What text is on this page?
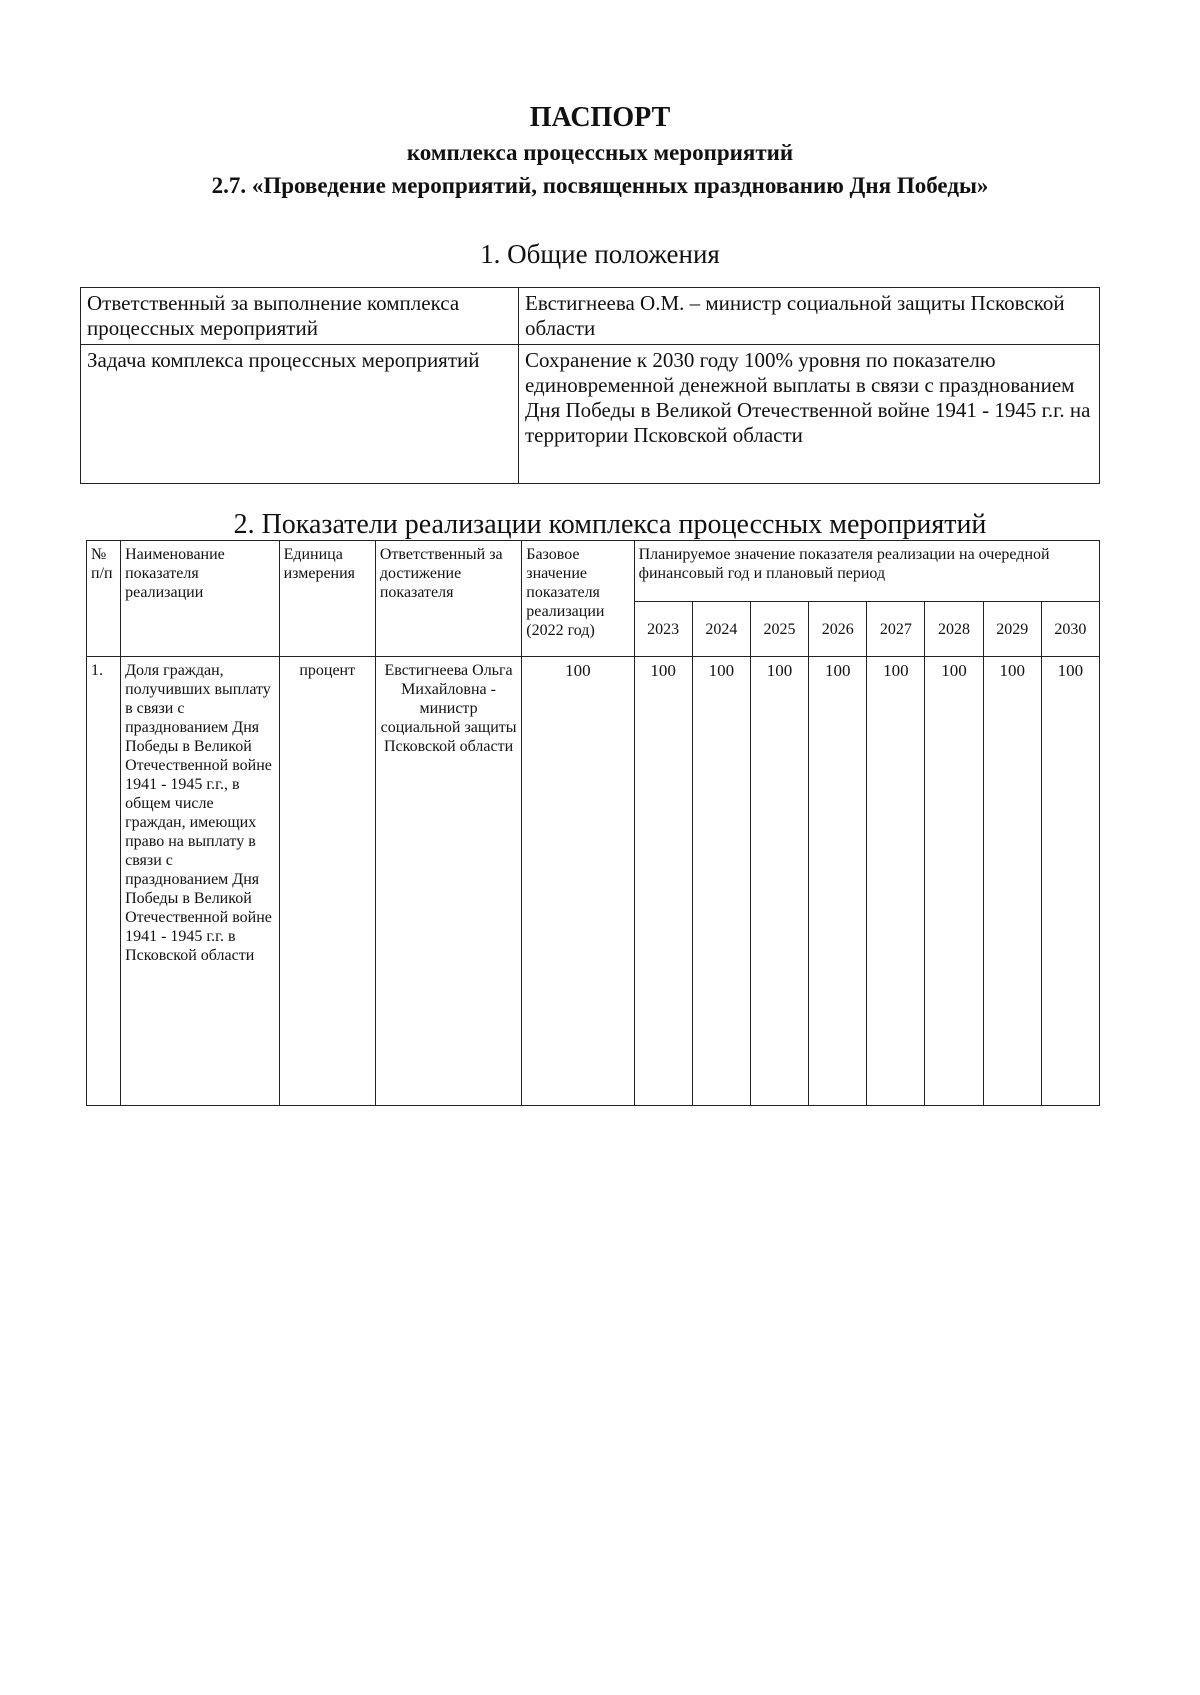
ПАСПОРТ
комплекса процессных мероприятий
2.7. «Проведение мероприятий, посвященных празднованию Дня Победы»
1. Общие положения
Ответственный за выполнение комплекса процессных мероприятий	Евстигнеева О.М. – министр социальной защиты Псковской области
Задача комплекса процессных мероприятий	Сохранение к 2030 году 100% уровня по показателю единовременной денежной выплаты в связи с празднованием Дня Победы в Великой Отечественной войне 1941 - 1945 г.г. на территории Псковской области
2. Показатели реализации комплекса процессных мероприятий
№ п/п	Наименование показателя реализации	Единица измерения	Ответственный за достижение показателя	Базовое значение показателя реализации (2022 год)	Планируемое значение показателя реализации на очередной финансовый год и плановый период							
					2023	2024	2025	2026	2027	2028	2029	2030
1.	Доля граждан, получивших выплату в связи с празднованием Дня Победы в Великой Отечественной войне 1941 - 1945 г.г., в общем числе граждан, имеющих право на выплату в связи с празднованием Дня Победы в Великой Отечественной войне 1941 - 1945 г.г. в Псковской области	процент	Евстигнеева Ольга Михайловна - министр социальной защиты Псковской области	100	100	100	100	100	100	100	100	100
